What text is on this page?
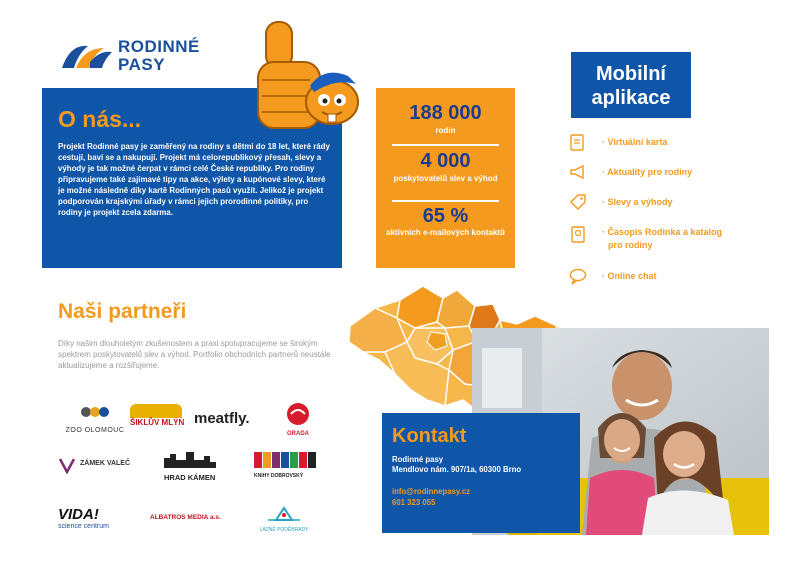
RODINNÉ
PASY
O nás...

Projekt Rodinné pasy je zaměřený na rodiny s dětmi do 18 let, které rády cestují, baví se a nakupují. Projekt má celorepublikový přesah, slevy a výhody je tak možné čerpat v rámci celé České republiky. Pro rodiny připravujeme také zajímavé tipy na akce, výlety a kupónové slevy, které je možné následně díky kartě Rodinných pasů využít. Jelikož je projekt podporován krajskými úřady v rámci jejich prorodinné politiky, pro rodiny je projekt zcela zdarma.

188 000
rodin
4 000
poskytovatelů slev a výhod
65 %
aktivních e-mailových kontaktů
Mobilní
aplikace
· Virtuální karta
· Aktuality pro rodiny
· Slevy a výhody
· Časopis Rodinka a katalog
pro rodiny
· Online chat
Naši partneři
Díky našim dlouholetým zkušenostem a praxi spolupracujeme se širokým spektrem poskytovatelů slev a výhod. Portfolio obchodních partnerů neustále aktualizujeme a rozšiřujeme.
ZOO OLOMOUC
ŠIKLŮV MLÝN meatfly.
GRADA
ZÁMEK VALEČ
HRAD KÁMEN	KNIHY DOBROVSKÝ
VIDA!
science centrum
ALBATROS MEDIA a.s.
LÁZNĚ PODĚBRADY
Kontakt
Rodinné pasy
Mendlovo nám. 907/1a, 60300 Brno
info@rodinnepasy.cz
601 323 055
